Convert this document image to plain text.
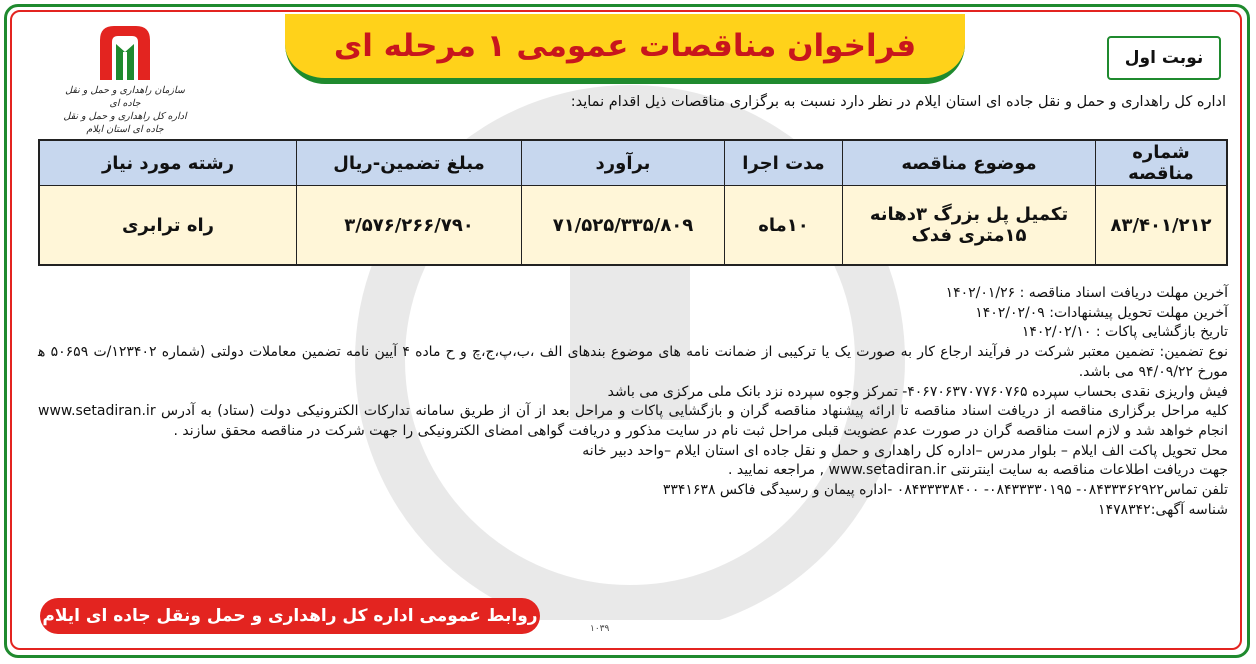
فراخوان مناقصات عمومی ۱ مرحله ای	نوبت اول
سازمان راهداری و حمل و نقل جاده ای
اداره کل راهداری و حمل و نقل جاده ای استان ایلام
اداره کل راهداری و حمل و نقل جاده ای استان ایلام در نظر دارد نسبت به برگزاری مناقصات ذیل اقدام نماید:
شماره مناقصه	موضوع مناقصه	مدت اجرا	برآورد	مبلغ تضمین-ریال	رشته مورد نیاز
۸۳/۴۰۱/۲۱۲	تکمیل پل بزرگ ۳دهانه
۱۵متری فدک	۱۰ماه	۷۱/۵۲۵/۳۳۵/۸۰۹	۳/۵۷۶/۲۶۶/۷۹۰	راه ترابری

آخرین مهلت دریافت اسناد مناقصه : ۱۴۰۲/۰۱/۲۶

آخرین مهلت تحویل پیشنهادات: ۱۴۰۲/۰۲/۰۹

تاریخ بازگشایی پاکات : ۱۴۰۲/۰۲/۱۰

نوع تضمین: تضمین معتبر شرکت در فرآیند ارجاع کار به صورت یک یا ترکیبی از ضمانت نامه های موضوع بندهای الف ،ب،پ،ج،چ و ح ماده ۴ آیین نامه تضمین معاملات دولتی (شماره ۱۲۳۴۰۲/ت ۵۰۶۵۹ ه‍ مورخ ۹۴/۰۹/۲۲ می باشد.

فیش واریزی نقدی بحساب سپرده ۴۰۶۷۰۶۳۷۰۷۷۶۰۷۶۵- تمرکز وجوه سپرده نزد بانک ملی مرکزی می باشد

کلیه مراحل برگزاری مناقصه از دریافت اسناد مناقصه تا ارائه پیشنهاد مناقصه گران و بازگشایی پاکات و مراحل بعد از آن از طریق سامانه تدارکات الکترونیکی دولت (ستاد) به آدرس www.setadiran.ir انجام خواهد شد و لازم است مناقصه گران در صورت عدم عضویت قبلی مراحل ثبت نام در سایت مذکور و دریافت گواهی امضای الکترونیکی را جهت شرکت در مناقصه محقق سازند .

محل تحویل پاکت الف ایلام – بلوار مدرس –اداره کل راهداری و حمل و نقل جاده ای استان ایلام –واحد دبیر خانه

جهت دریافت اطلاعات مناقصه به سایت اینترنتی www.setadiran.ir , مراجعه نمایید .

تلفن تماس۰۸۴۳۳۳۶۲۹۲۲- ۰۸۴۳۳۳۳۰۱۹۵- ۰۸۴۳۳۳۳۸۴۰۰ -اداره پیمان و رسیدگی فاکس ۳۳۴۱۶۳۸

شناسه آگهی:۱۴۷۸۳۴۲

روابط عمومی اداره کل راهداری و حمل ونقل جاده ای ایلام
۱۰۳۹
